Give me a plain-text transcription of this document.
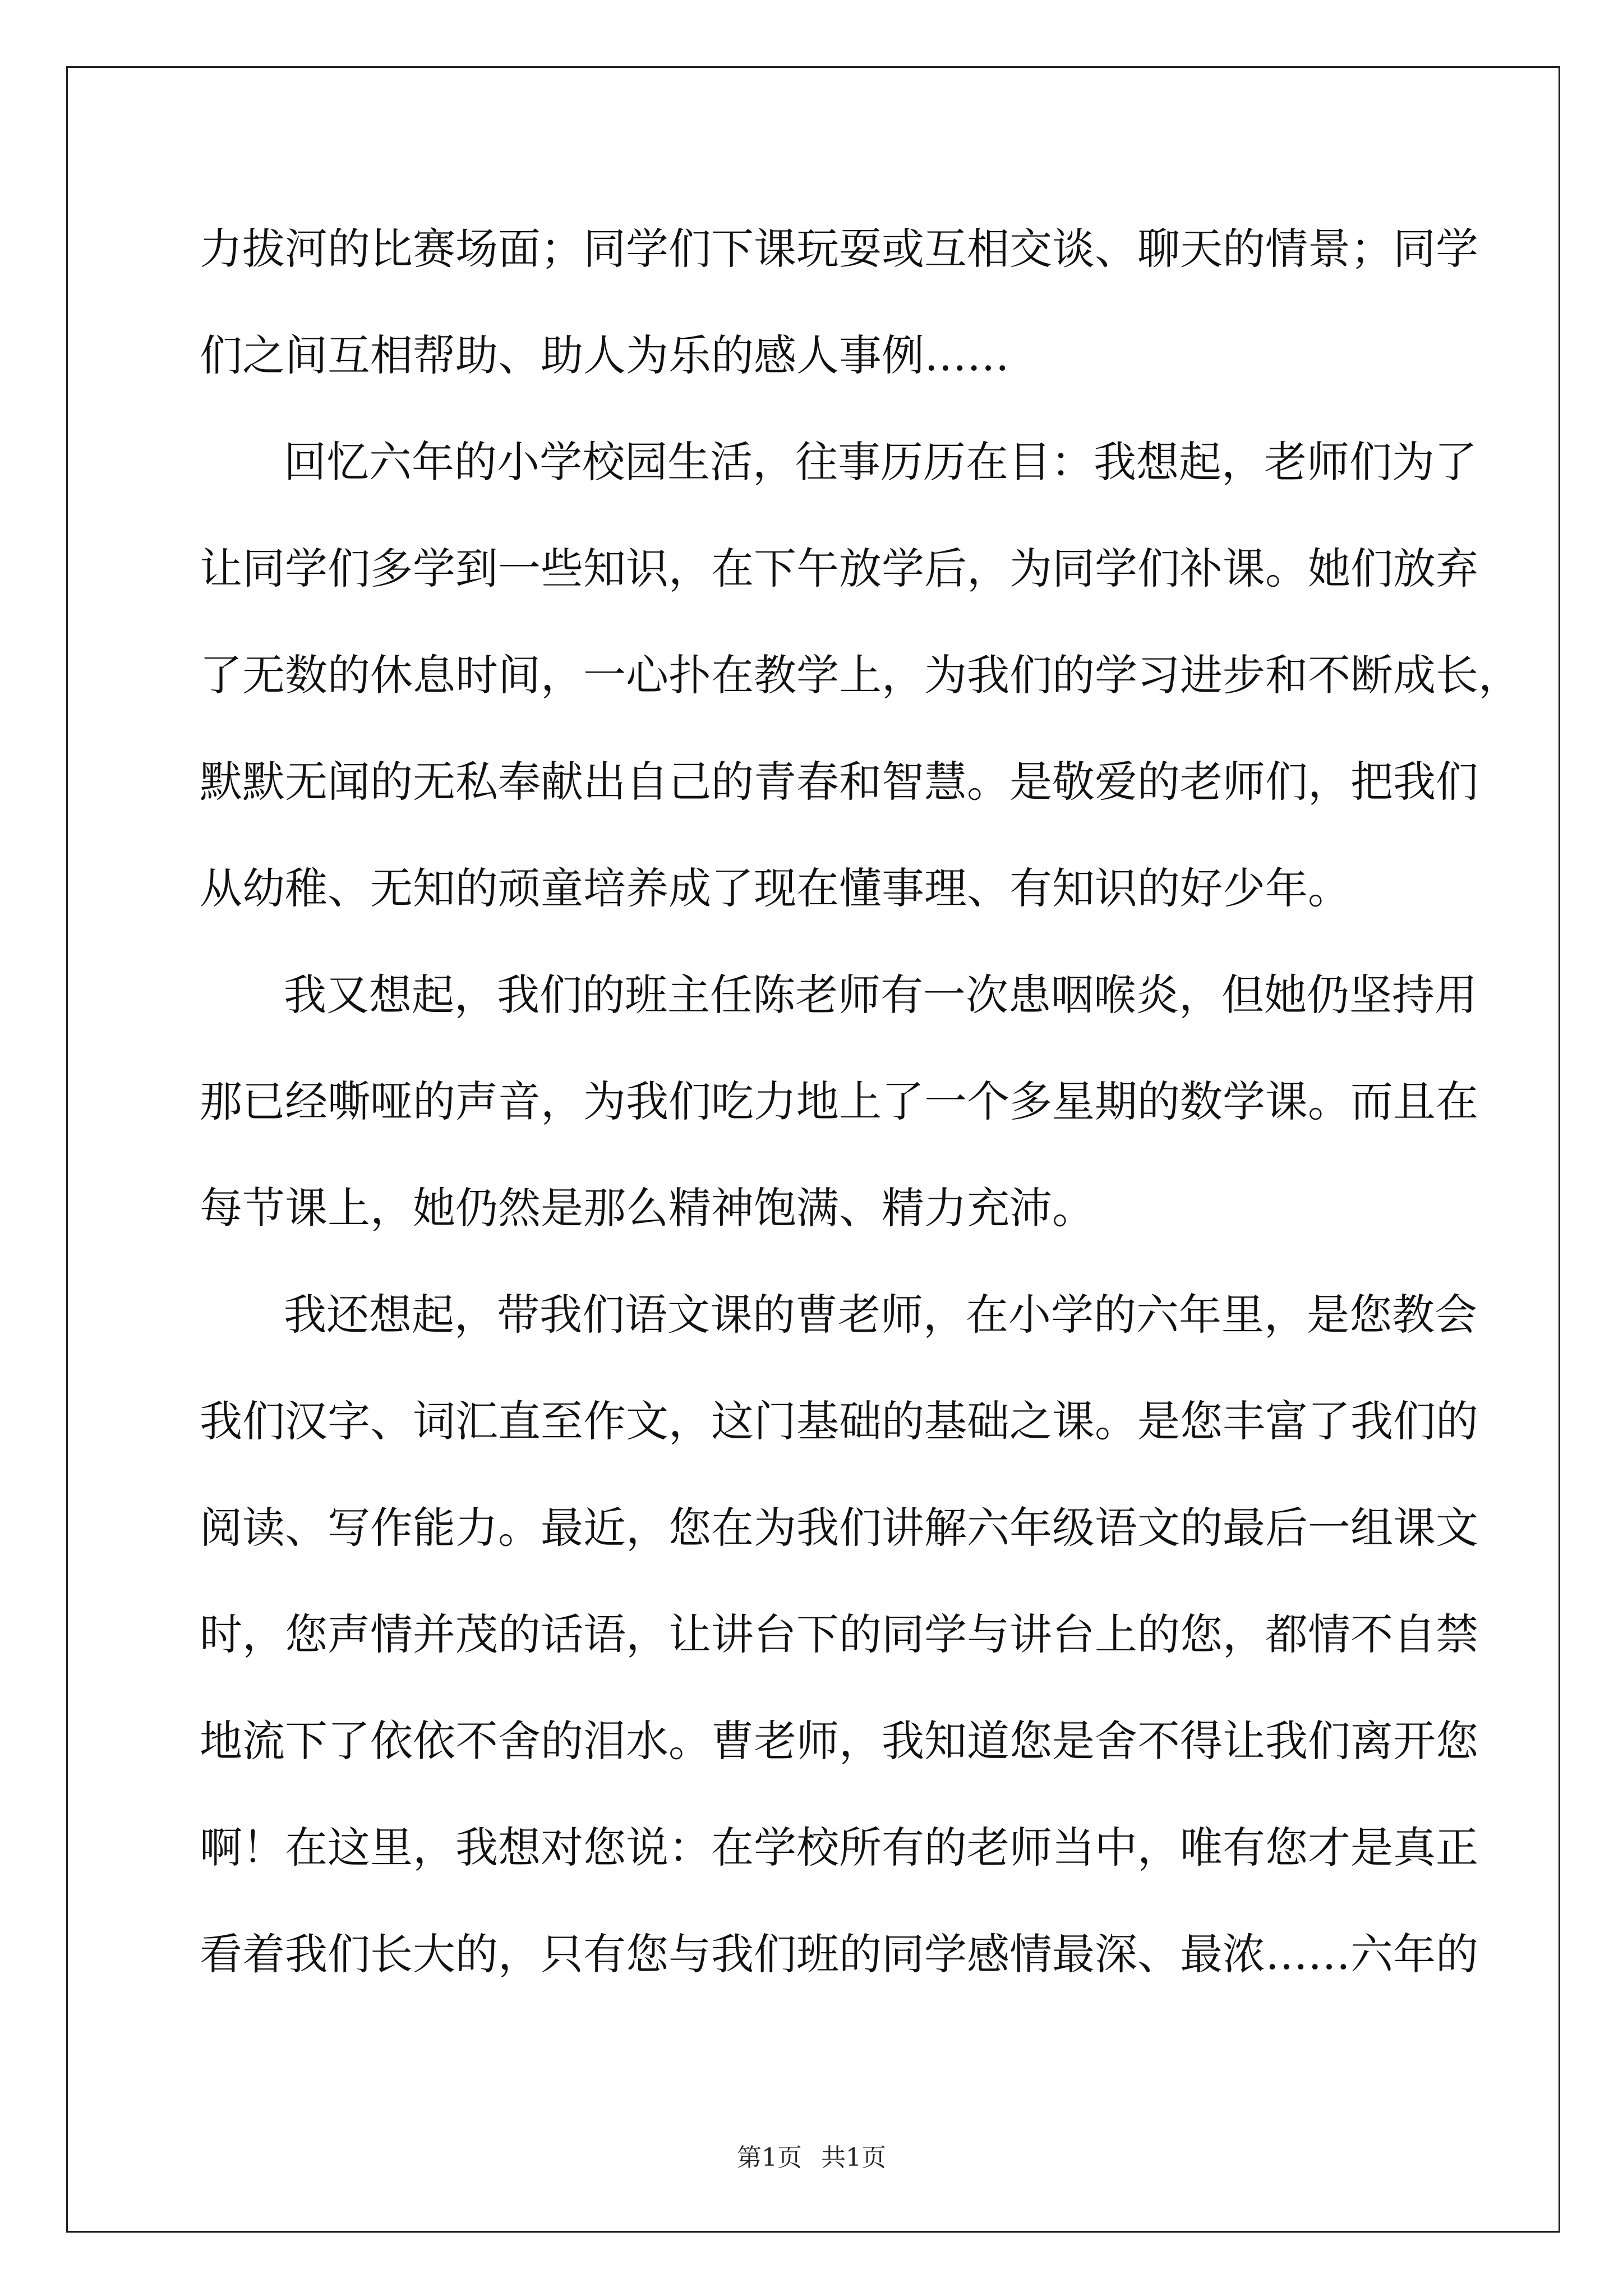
力拔河的比赛场面；同学们下课玩耍或互相交谈、聊天的情景；同学
们之间互相帮助、助人为乐的感人事例……
回忆六年的小学校园生活，往事历历在目：我想起，老师们为了
让同学们多学到一些知识，在下午放学后，为同学们补课。她们放弃
了无数的休息时间，一心扑在教学上，为我们的学习进步和不断成长，
默默无闻的无私奉献出自己的青春和智慧。是敬爱的老师们，把我们
从幼稚、无知的顽童培养成了现在懂事理、有知识的好少年。
我又想起，我们的班主任陈老师有一次患咽喉炎，但她仍坚持用
那已经嘶哑的声音，为我们吃力地上了一个多星期的数学课。而且在
每节课上，她仍然是那么精神饱满、精力充沛。
我还想起，带我们语文课的曹老师，在小学的六年里，是您教会
我们汉字、词汇直至作文，这门基础的基础之课。是您丰富了我们的
阅读、写作能力。最近，您在为我们讲解六年级语文的最后一组课文
时，您声情并茂的话语，让讲台下的同学与讲台上的您，都情不自禁
地流下了依依不舍的泪水。曹老师，我知道您是舍不得让我们离开您
啊！在这里，我想对您说：在学校所有的老师当中，唯有您才是真正
看着我们长大的，只有您与我们班的同学感情最深、最浓……六年的
第1页 共1页
